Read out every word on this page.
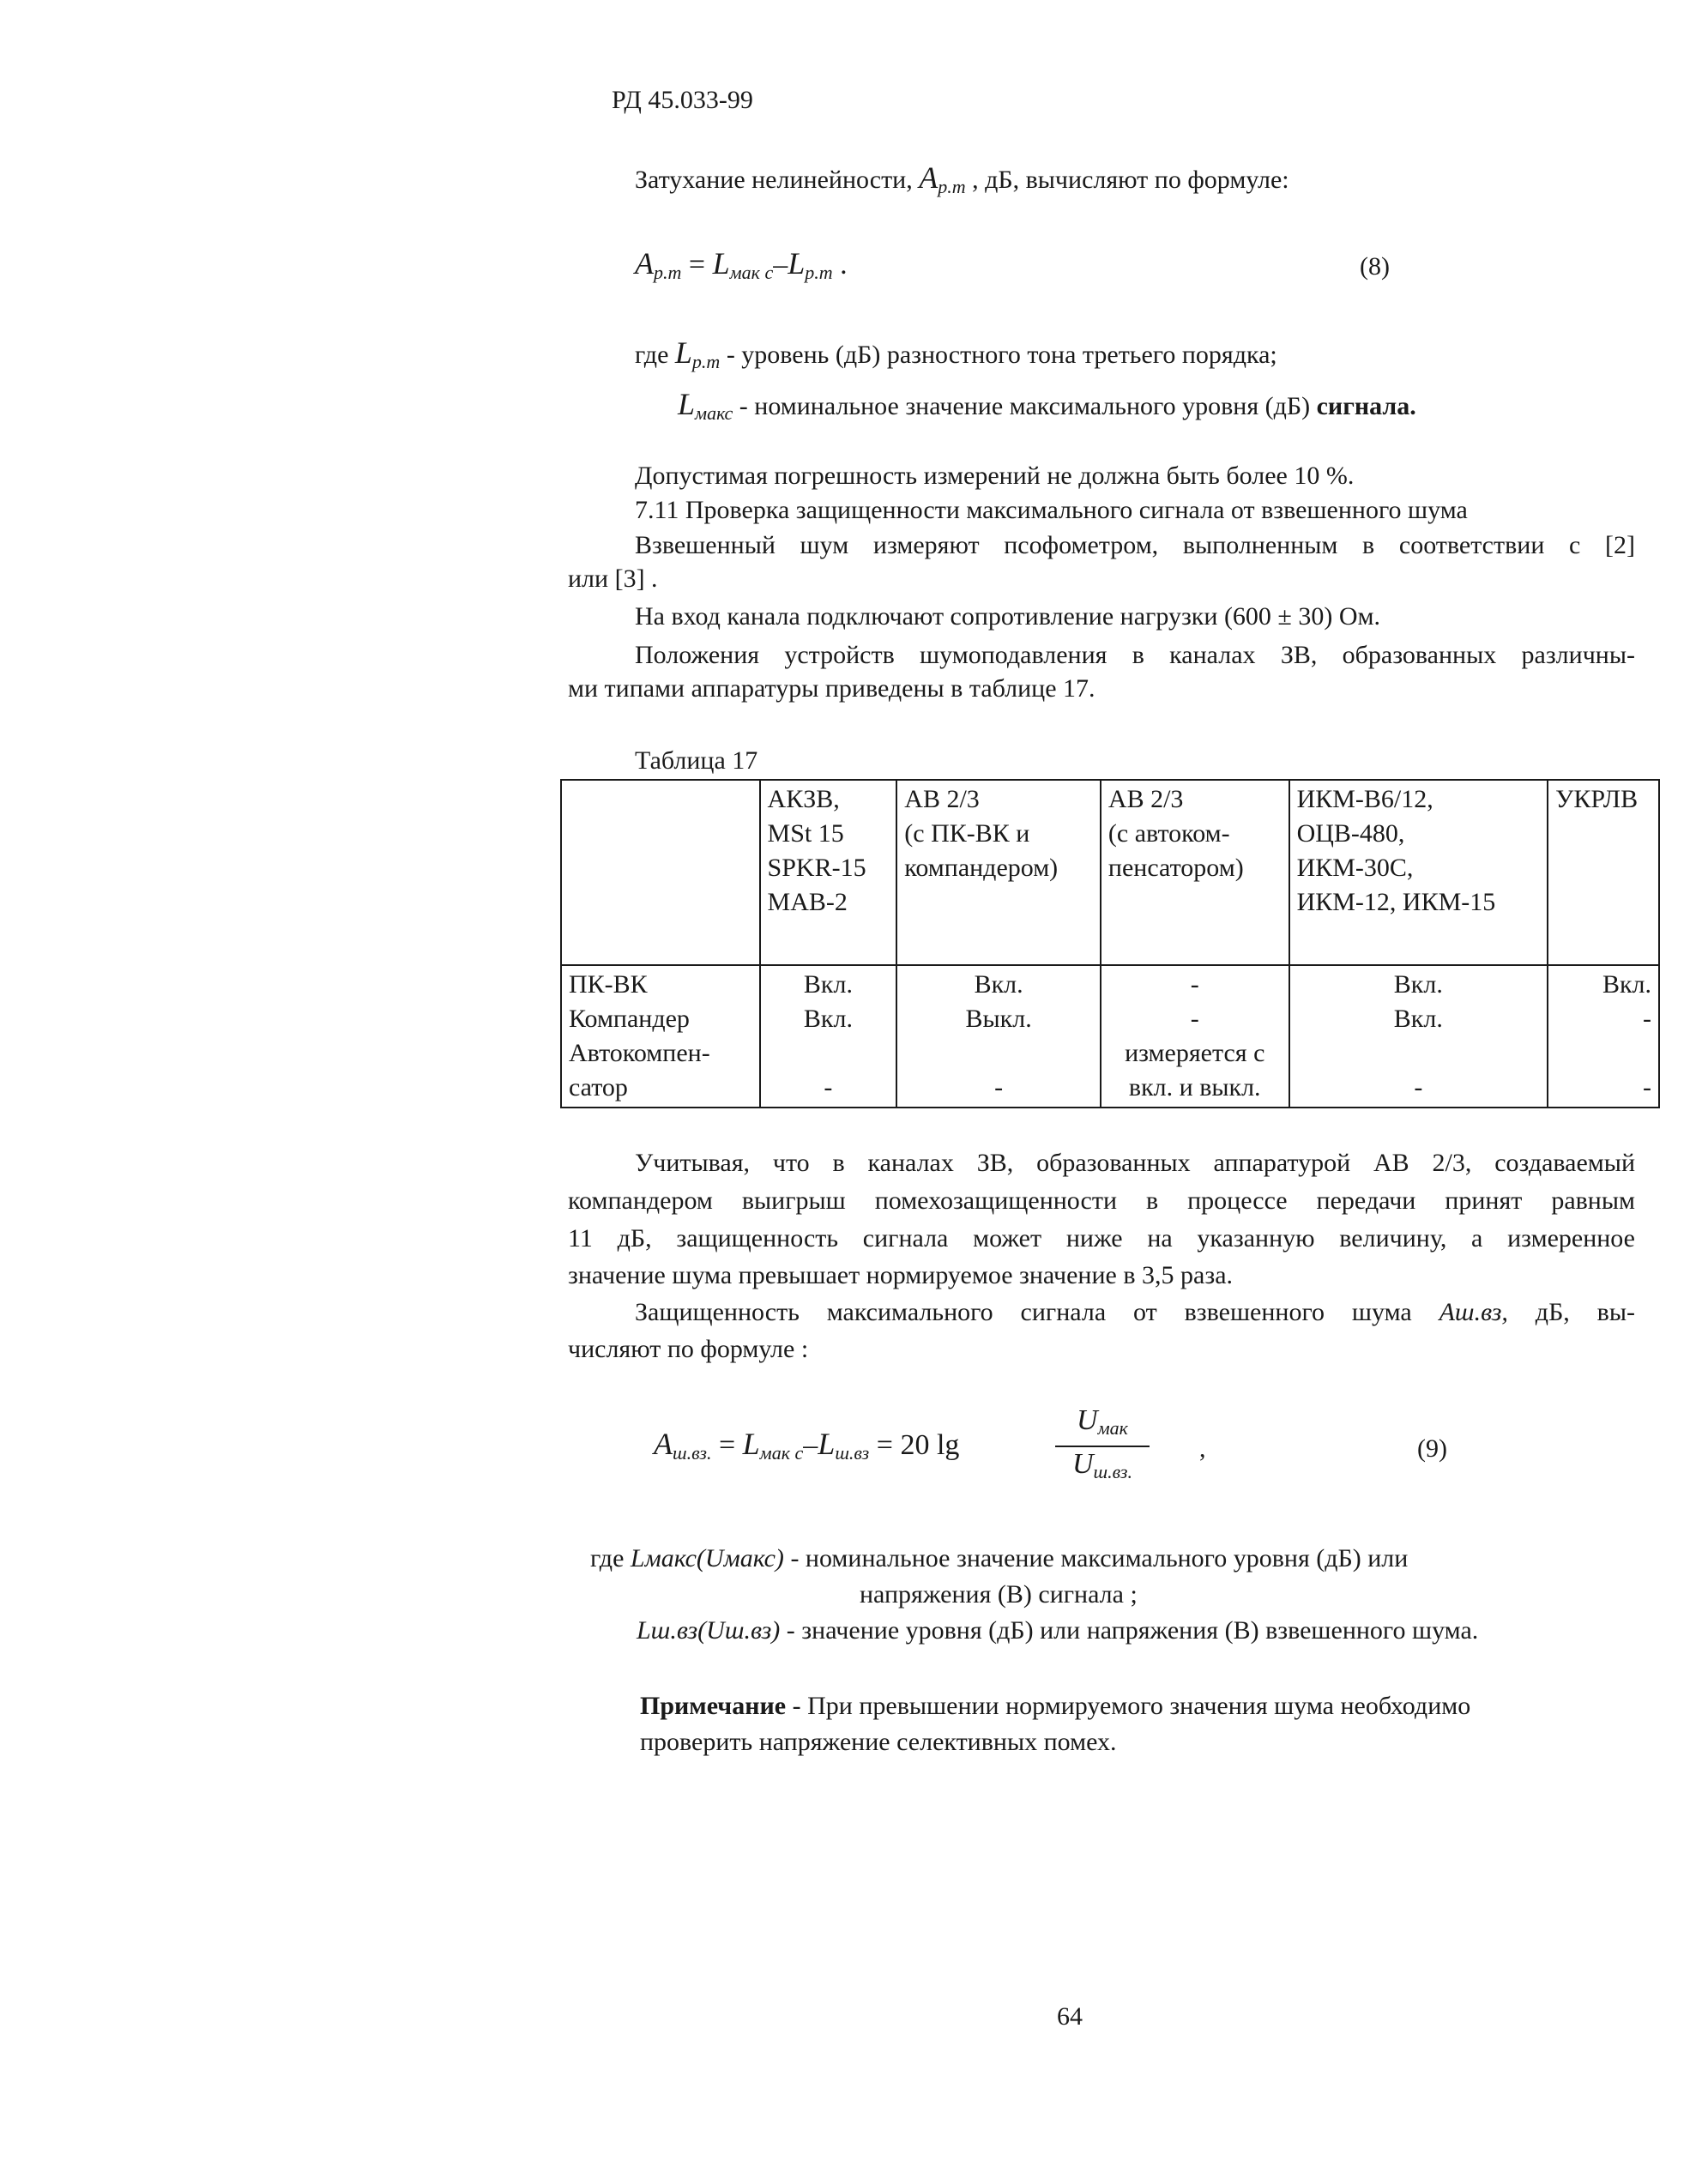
РД 45.033-99
Затухание нелинейности, $A_{р.т}$ , дБ, вычисляют по формуле:
$A_{р.т} = L_{мак с}-L_{р.т}$ .	(8)
где $L_{р.т}$ - уровень (дБ) разностного тона третьего порядка;
$L_{макс}$ - номинальное значение максимального уровня (дБ) сигнала.
Допустимая погрешность измерений не должна быть более 10 %.
7.11 Проверка защищенности максимального сигнала от взвешенного шума
Взвешенный шум измеряют псофометром, выполненным в соответствии с [2]
или [3] .
На вход канала подключают сопротивление нагрузки (600 ± 30) Ом.
Положения устройств шумоподавления в каналах ЗВ, образованных различны-
ми типами аппаратуры приведены в таблице 17.
Таблица 17

	АКЗВ,
MSt 15
SPKR-15
МАВ-2	АВ 2/3
(с ПК-ВК и
компандером)	АВ 2/3
(с автоком-
пенсатором)	ИКМ-В6/12,
ОЦВ-480,
ИКМ-30С,
ИКМ-12, ИКМ-15	УКРЛВ

ПК-ВК
Компандер
Автокомпен-
сатор	Вкл.
Вкл.

-	Вкл.
Выкл.

-	-
-
измеряется с
вкл. и выкл.	Вкл.
Вкл.

-	Вкл.
-

-
Учитывая, что в каналах ЗВ, образованных аппаратурой АВ 2/3, создаваемый
компандером выигрыш помехозащищенности в процессе передачи принят равным
11 дБ, защищенность сигнала может ниже на указанную величину, а измеренное
значение шума превышает нормируемое значение в 3,5 раза.
Защищенность максимального сигнала от взвешенного шума Аш.вз, дБ, вы-
числяют по формуле :
$A_{ш.вз.} = L_{мак с}-L_{ш.вз} = 20$ lg
$U_{мак}$
$U_{ш.вз.}$
,	(9)
где Lмакс(Uмакс) - номинальное значение максимального уровня (дБ) или
напряжения (В) сигнала ;
Lш.вз(Uш.вз) - значение уровня (дБ) или напряжения (В) взвешенного шума.
Примечание - При превышении нормируемого значения шума необходимо
проверить напряжение селективных помех.
64
